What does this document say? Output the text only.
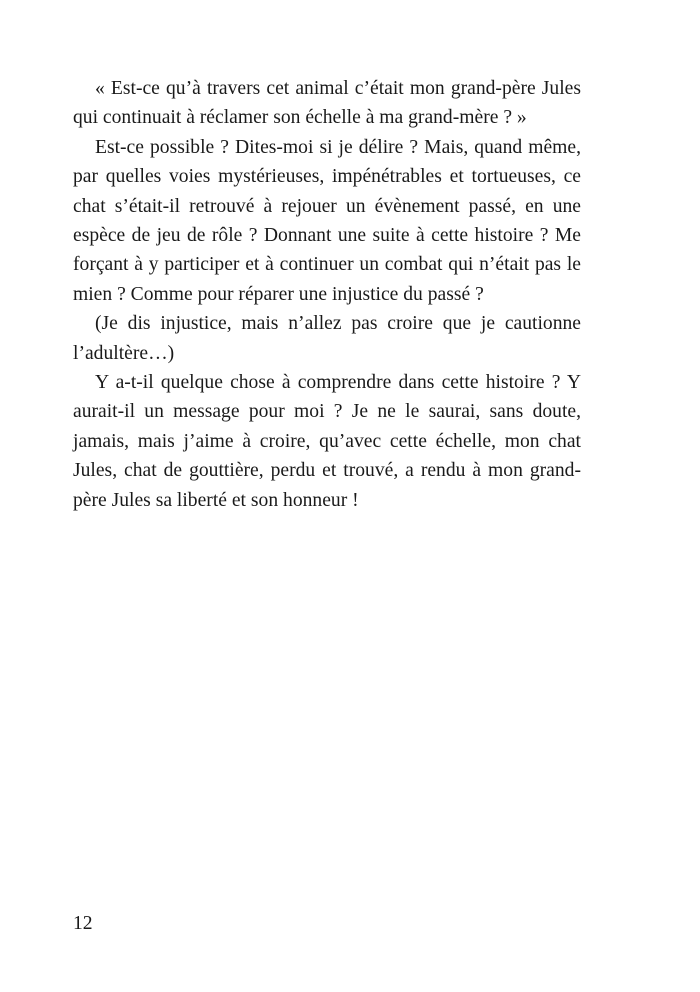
« Est-ce qu’à travers cet animal c’était mon grand-père Jules qui continuait à réclamer son échelle à ma grand-mère ? »

Est-ce possible ? Dites-moi si je délire ? Mais, quand même, par quelles voies mystérieuses, impénétrables et tortueuses, ce chat s’était-il retrouvé à rejouer un évènement passé, en une espèce de jeu de rôle ? Donnant une suite à cette histoire ? Me forçant à y participer et à continuer un combat qui n’était pas le mien ? Comme pour réparer une injustice du passé ?

(Je dis injustice, mais n’allez pas croire que je cautionne l’adultère…)

Y a-t-il quelque chose à comprendre dans cette histoire ? Y aurait-il un message pour moi ? Je ne le saurai, sans doute, jamais, mais j’aime à croire, qu’avec cette échelle, mon chat Jules, chat de gouttière, perdu et trouvé, a rendu à mon grand-père Jules sa liberté et son honneur !

12
